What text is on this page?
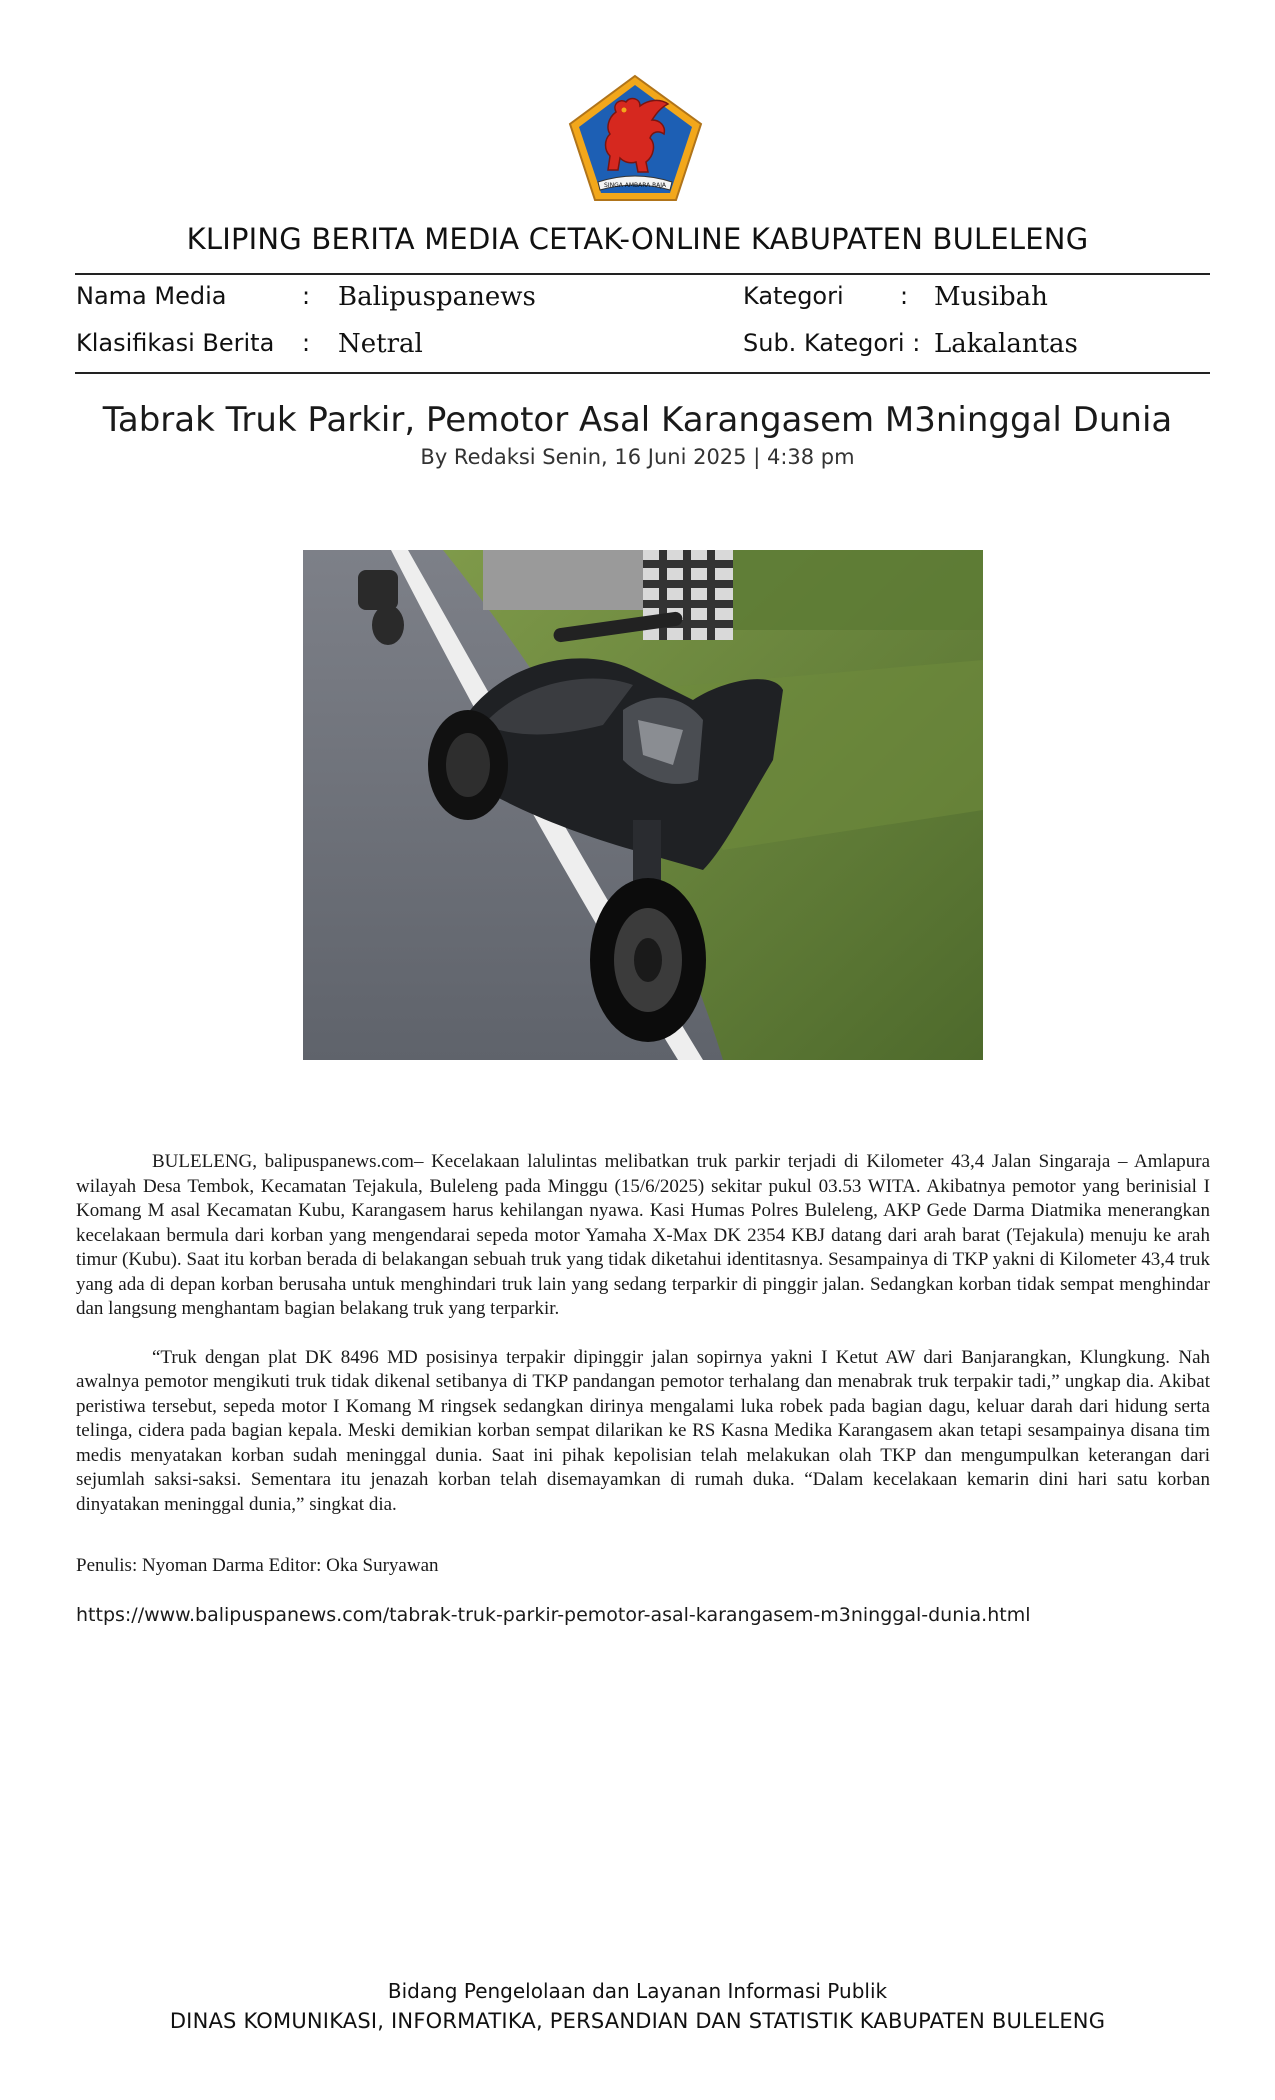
SINGA AMBARA RAJA
KLIPING BERITA MEDIA CETAK-ONLINE KABUPATEN BULELENG
Nama Media	: Balipuspanews	Kategori : Musibah
Klasifikasi Berita : Netral	Sub. Kategori : Lakalantas
Tabrak Truk Parkir, Pemotor Asal Karangasem M3ninggal Dunia
By Redaksi Senin, 16 Juni 2025 | 4:38 pm

BULELENG, balipuspanews.com– Kecelakaan lalulintas melibatkan truk parkir terjadi di Kilometer 43,4 Jalan Singaraja – Amlapura wilayah Desa Tembok, Kecamatan Tejakula, Buleleng pada Minggu (15/6/2025) sekitar pukul 03.53 WITA. Akibatnya pemotor yang berinisial I Komang M asal Kecamatan Kubu, Karangasem harus kehilangan nyawa. Kasi Humas Polres Buleleng, AKP Gede Darma Diatmika menerangkan kecelakaan bermula dari korban yang mengendarai sepeda motor Yamaha X-Max DK 2354 KBJ datang dari arah barat (Tejakula) menuju ke arah timur (Kubu). Saat itu korban berada di belakangan sebuah truk yang tidak diketahui identitasnya. Sesampainya di TKP yakni di Kilometer 43,4 truk yang ada di depan korban berusaha untuk menghindari truk lain yang sedang terparkir di pinggir jalan. Sedangkan korban tidak sempat menghindar dan langsung menghantam bagian belakang truk yang terparkir.

“Truk dengan plat DK 8496 MD posisinya terpakir dipinggir jalan sopirnya yakni I Ketut AW dari Banjarangkan, Klungkung. Nah awalnya pemotor mengikuti truk tidak dikenal setibanya di TKP pandangan pemotor terhalang dan menabrak truk terpakir tadi,” ungkap dia. Akibat peristiwa tersebut, sepeda motor I Komang M ringsek sedangkan dirinya mengalami luka robek pada bagian dagu, keluar darah dari hidung serta telinga, cidera pada bagian kepala. Meski demikian korban sempat dilarikan ke RS Kasna Medika Karangasem akan tetapi sesampainya disana tim medis menyatakan korban sudah meninggal dunia. Saat ini pihak kepolisian telah melakukan olah TKP dan mengumpulkan keterangan dari sejumlah saksi-saksi. Sementara itu jenazah korban telah disemayamkan di rumah duka. “Dalam kecelakaan kemarin dini hari satu korban dinyatakan meninggal dunia,” singkat dia.

Penulis: Nyoman Darma Editor: Oka Suryawan
https://www.balipuspanews.com/tabrak-truk-parkir-pemotor-asal-karangasem-m3ninggal-dunia.html
Bidang Pengelolaan dan Layanan Informasi Publik
DINAS KOMUNIKASI, INFORMATIKA, PERSANDIAN DAN STATISTIK KABUPATEN BULELENG
